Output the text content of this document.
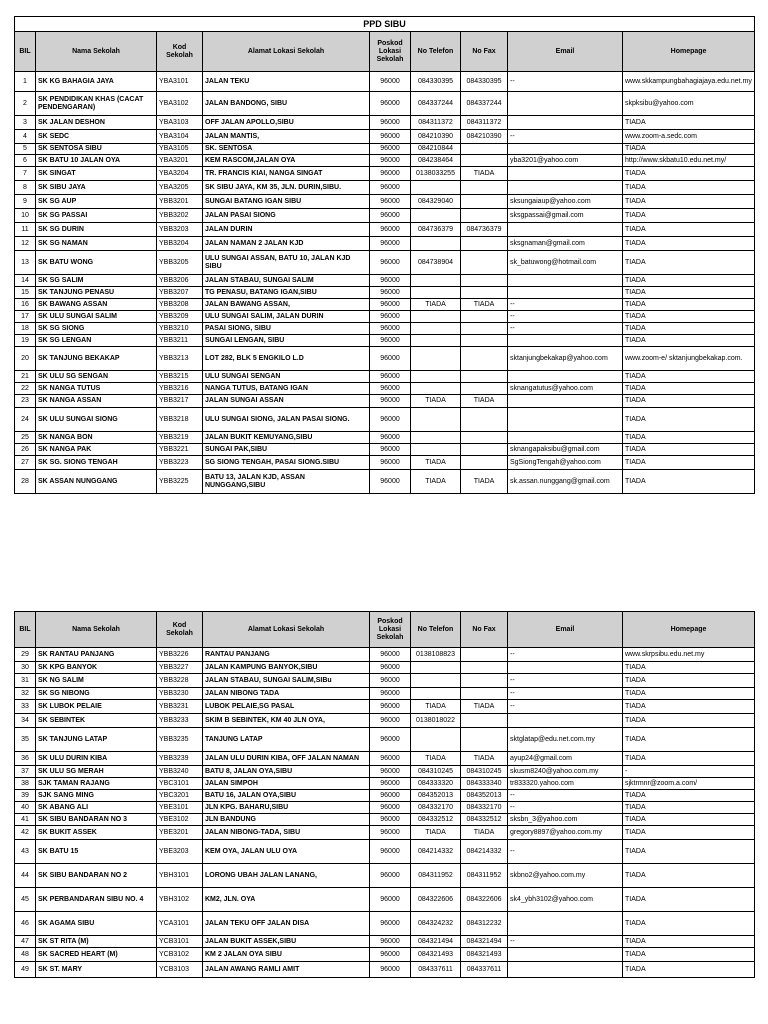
PPD SIBU								
BIL	Nama Sekolah	Kod Sekolah	Alamat Lokasi Sekolah	Poskod Lokasi Sekolah	No Telefon	No Fax	Email	Homepage
1	SK KG BAHAGIA JAYA	YBA3101	JALAN TEKU	96000	084330395	084330395	--	www.skkampungbahagiajaya.edu.net.my
2	SK PENDIDIKAN KHAS (CACAT PENDENGARAN)	YBA3102	JALAN BANDONG, SIBU	96000	084337244	084337244		skpksibu@yahoo.com
3	SK JALAN DESHON	YBA3103	OFF JALAN APOLLO,SIBU	96000	084311372	084311372		TIADA
4	SK SEDC	YBA3104	JALAN MANTIS,	96000	084210390	084210390	--	www.zoom-a.sedc.com
5	SK SENTOSA SIBU	YBA3105	SK. SENTOSA	96000	084210844			TIADA
6	SK BATU 10 JALAN OYA	YBA3201	KEM RASCOM,JALAN OYA	96000	084238464		yba3201@yahoo.com	http://www.skbatu10.edu.net.my/
7	SK SINGAT	YBA3204	TR. FRANCIS KIAI, NANGA SINGAT	96000	0138033255	TIADA		TIADA
8	SK SIBU JAYA	YBA3205	SK SIBU JAYA, KM 35, JLN. DURIN,SIBU.	96000				TIADA
9	SK SG AUP	YBB3201	SUNGAI BATANG IGAN SIBU	96000	084329040		sksungaiaup@yahoo.com	TIADA
10	SK SG PASSAI	YBB3202	JALAN PASAI SIONG	96000			sksgpassai@gmail.com	TIADA
11	SK SG DURIN	YBB3203	JALAN DURIN	96000	084736379	084736379		TIADA
12	SK SG NAMAN	YBB3204	JALAN NAMAN 2 JALAN KJD	96000			sksgnaman@gmail.com	TIADA
13	SK BATU WONG	YBB3205	ULU SUNGAI ASSAN, BATU 10, JALAN KJD SIBU	96000	084738904		sk_batuwong@hotmail.com	TIADA
14	SK SG SALIM	YBB3206	JALAN STABAU, SUNGAI SALIM	96000				TIADA
15	SK TANJUNG PENASU	YBB3207	TG PENASU, BATANG IGAN,SIBU	96000				TIADA
16	SK BAWANG ASSAN	YBB3208	JALAN BAWANG ASSAN,	96000	TIADA	TIADA	--	TIADA
17	SK ULU SUNGAI SALIM	YBB3209	ULU SUNGAI SALIM, JALAN DURIN	96000			--	TIADA
18	SK SG SIONG	YBB3210	PASAI SIONG, SIBU	96000			--	TIADA
19	SK SG LENGAN	YBB3211	SUNGAI LENGAN, SIBU	96000				TIADA
20	SK TANJUNG BEKAKAP	YBB3213	LOT 282, BLK 5 ENGKILO L.D	96000			sktanjungbekakap@yahoo.com	www.zoom-e/ sktanjungbekakap.com.
21	SK ULU SG SENGAN	YBB3215	ULU SUNGAI SENGAN	96000				TIADA
22	SK NANGA TUTUS	YBB3216	NANGA TUTUS, BATANG IGAN	96000			sknangatutus@yahoo.com	TIADA
23	SK NANGA ASSAN	YBB3217	JALAN SUNGAI ASSAN	96000	TIADA	TIADA		TIADA
24	SK ULU SUNGAI SIONG	YBB3218	ULU SUNGAI SIONG, JALAN PASAI SIONG.	96000				TIADA
25	SK NANGA BON	YBB3219	JALAN BUKIT KEMUYANG,SIBU	96000				TIADA
26	SK NANGA PAK	YBB3221	SUNGAI PAK,SIBU	96000			sknangapaksibu@gmail.com	TIADA
27	SK SG. SIONG TENGAH	YBB3223	SG SIONG TENGAH, PASAI SIONG.SIBU	96000	TIADA		SgSiongTengah@yahoo.com	TIADA
28	SK ASSAN NUNGGANG	YBB3225	BATU 13, JALAN KJD, ASSAN NUNGGANG,SIBU	96000	TIADA	TIADA	sk.assan.nunggang@gmail.com	TIADA
BIL	Nama Sekolah	Kod Sekolah	Alamat Lokasi Sekolah	Poskod Lokasi Sekolah	No Telefon	No Fax	Email	Homepage
29	SK RANTAU PANJANG	YBB3226	RANTAU PANJANG	96000	0138108823		--	www.skrpsibu.edu.net.my
30	SK KPG BANYOK	YBB3227	JALAN KAMPUNG BANYOK,SIBU	96000				TIADA
31	SK NG SALIM	YBB3228	JALAN STABAU, SUNGAI SALIM,SIBu	96000			--	TIADA
32	SK SG NIBONG	YBB3230	JALAN NIBONG TADA	96000			--	TIADA
33	SK LUBOK PELAIE	YBB3231	LUBOK PELAIE,SG PASAL	96000	TIADA	TIADA	--	TIADA
34	SK SEBINTEK	YBB3233	SKIM B SEBINTEK, KM 40 JLN OYA,	96000	0138018022			TIADA
35	SK TANJUNG LATAP	YBB3235	TANJUNG LATAP	96000			sktglatap@edu.net.com.my	TIADA
36	SK ULU DURIN KIBA	YBB3239	JALAN ULU DURIN KIBA, OFF JALAN NAMAN	96000	TIADA	TIADA	ayup24@gmail.com	TIADA
37	SK ULU SG MERAH	YBB3240	BATU 8, JALAN OYA,SIBU	96000	084310245	084310245	skusm8240@yahoo.com.my	-
38	SJK TAMAN RAJANG	YBC3101	JALAN SIMPOH	96000	084333320	084333340	tr833320.yahoo.com	sjktrmnr@zoom.a.com/
39	SJK SANG MING	YBC3201	BATU 16, JALAN OYA,SIBU	96000	084352013	084352013	--	TIADA
40	SK ABANG ALI	YBE3101	JLN KPG. BAHARU,SIBU	96000	084332170	084332170	--	TIADA
41	SK SIBU BANDARAN NO 3	YBE3102	JLN BANDUNG	96000	084332512	084332512	sksbn_3@yahoo.com	TIADA
42	SK BUKIT ASSEK	YBE3201	JALAN NIBONG-TADA, SIBU	96000	TIADA	TIADA	gregory8897@yahoo.com.my	TIADA
43	SK BATU 15	YBE3203	KEM OYA, JALAN ULU OYA	96000	084214332	084214332	--	TIADA
44	SK SIBU BANDARAN NO 2	YBH3101	LORONG UBAH JALAN LANANG,	96000	084311952	084311952	skbno2@yahoo.com.my	TIADA
45	SK PERBANDARAN SIBU NO. 4	YBH3102	KM2, JLN. OYA	96000	084322606	084322606	sk4_ybh3102@yahoo.com	TIADA
46	SK AGAMA SIBU	YCA3101	JALAN TEKU OFF JALAN DISA	96000	084324232	084312232		TIADA
47	SK ST RITA (M)	YCB3101	JALAN BUKIT ASSEK,SIBU	96000	084321494	084321494	--	TIADA
48	SK SACRED HEART (M)	YCB3102	KM 2 JALAN OYA SIBU	96000	084321493	084321493		TIADA
49	SK ST. MARY	YCB3103	JALAN AWANG RAMLI AMIT	96000	084337611	084337611		TIADA
